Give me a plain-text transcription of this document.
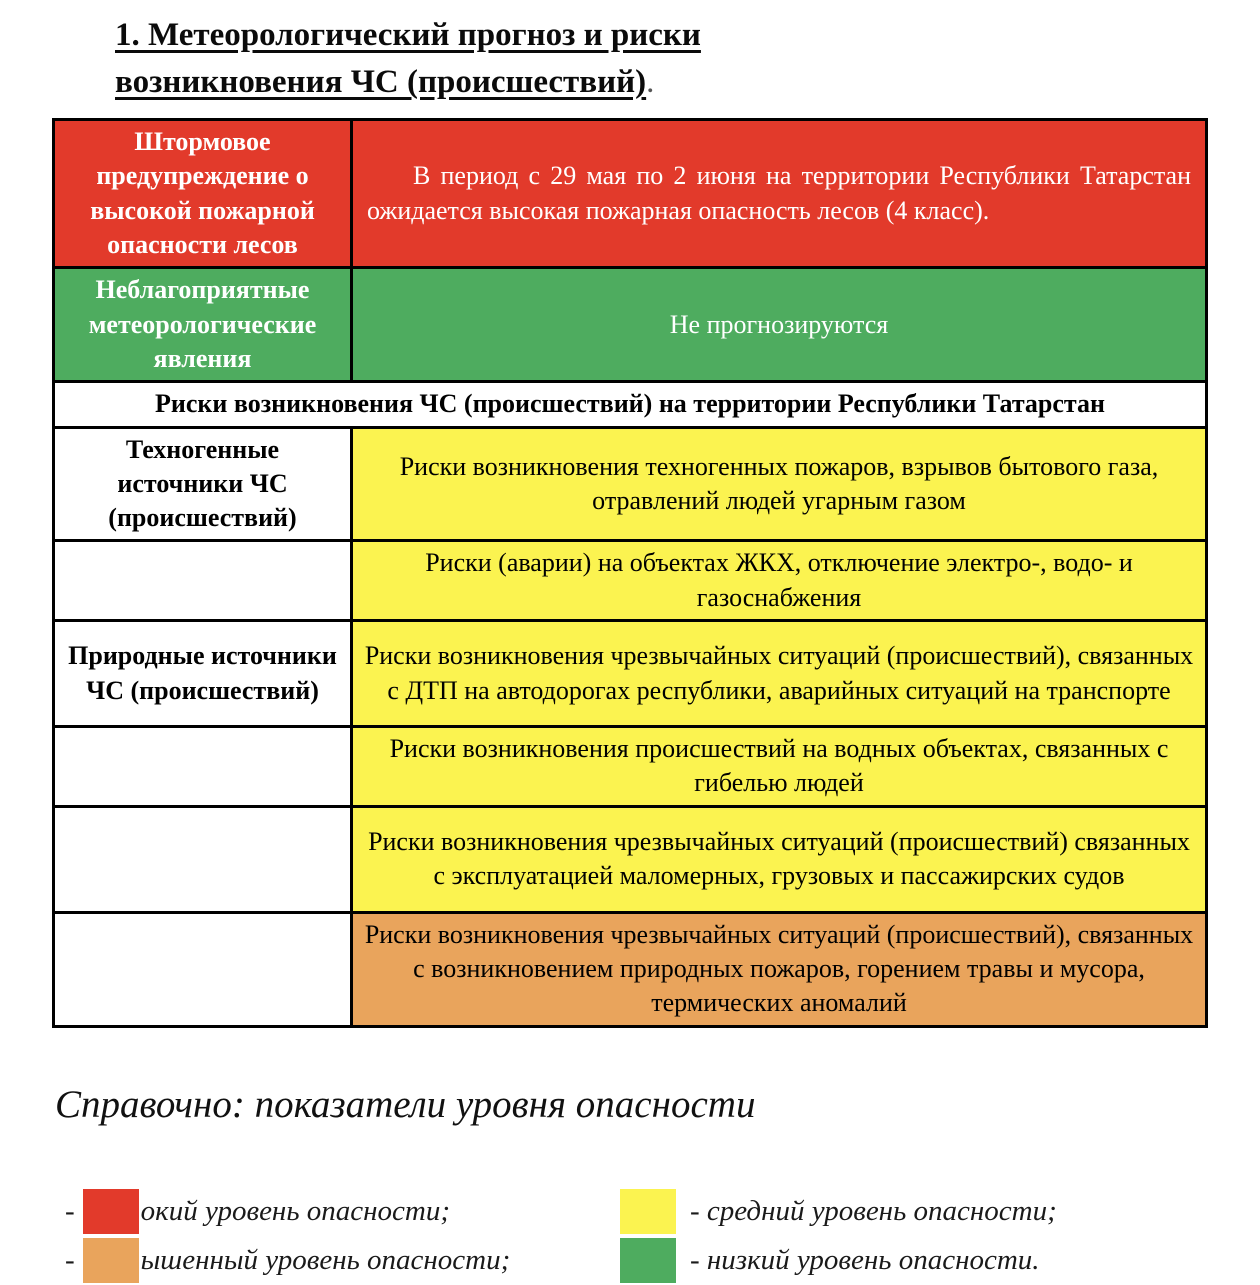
1. Метеорологический прогноз и риски
возникновения ЧС (происшествий).
Штормовое предупреждение о высокой пожарной опасности лесов	В период с 29 мая по 2 июня на территории Республики Татарстан ожидается высокая пожарная опасность лесов (4 класс).

Неблагоприятные метеорологические явления	Не прогнозируются
Риски возникновения ЧС (происшествий) на территории Республики Татарстан	
Техногенные источники ЧС (происшествий)	Риски возникновения техногенных пожаров, взрывов бытового газа, отравлений людей угарным газом
	Риски (аварии) на объектах ЖКХ, отключение электро-, водо- и газоснабжения
Природные источники ЧС (происшествий)	Риски возникновения чрезвычайных ситуаций (происшествий), связанных с ДТП на автодорогах республики, аварийных ситуаций на транспорте
	Риски возникновения происшествий на водных объектах, связанных с гибелью людей
	Риски возникновения чрезвычайных ситуаций (происшествий) связанных с эксплуатацией маломерных, грузовых и пассажирских судов
	Риски возникновения чрезвычайных ситуаций (происшествий), связанных с возникновением природных пожаров, горением травы и мусора, термических аномалий
Справочно: показатели уровня опасности
- окий уровень опасности;
- ышенный уровень опасности;
- средний уровень опасности;
- низкий уровень опасности.
